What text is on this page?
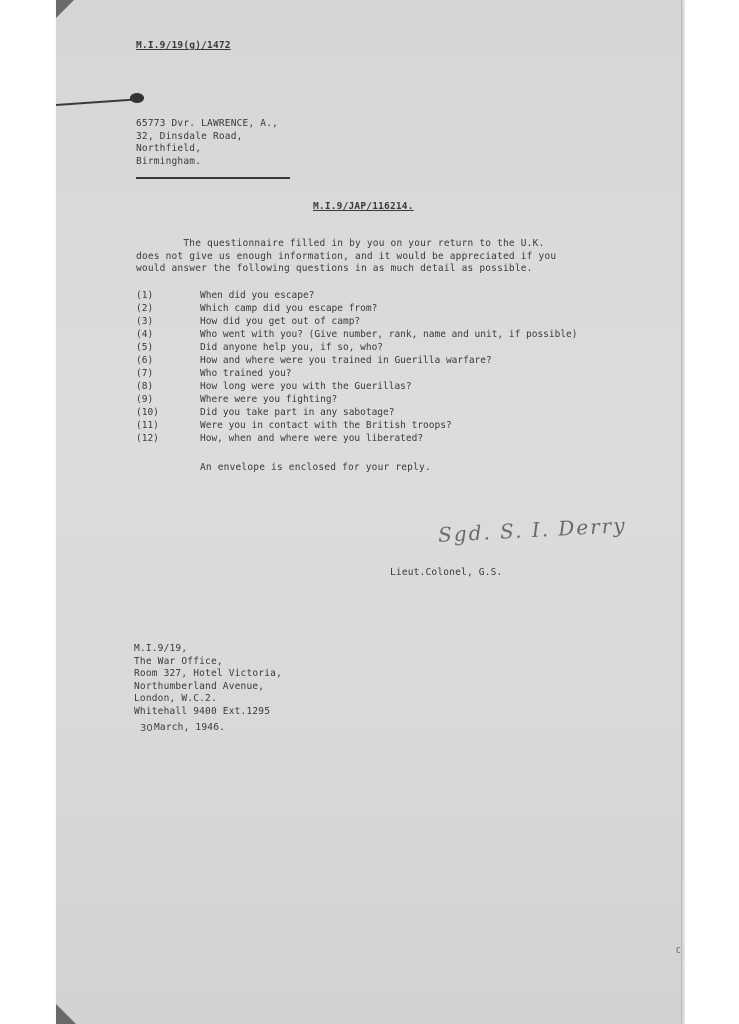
M.I.9/19(g)/1472
65773 Dvr. LAWRENCE, A.,
32, Dinsdale Road,
Northfield,
Birmingham.
M.I.9/JAP/116214.
The questionnaire filled in by you on your return to the U.K.
does not give us enough information, and it would be appreciated if you
would answer the following questions in as much detail as possible.
(1)	When did you escape?
(2)	Which camp did you escape from?
(3)	How did you get out of camp?
(4)	Who went with you? (Give number, rank, name and unit, if possible)
(5)	Did anyone help you, if so, who?
(6)	How and where were you trained in Guerilla warfare?
(7)	Who trained you?
(8)	How long were you with the Guerillas?
(9)	Where were you fighting?
(10)	Did you take part in any sabotage?
(11)	Were you in contact with the British troops?
(12)	How, when and where were you liberated?
An envelope is enclosed for your reply.
Sgd. S. I. Derry
Lieut.Colonel, G.S.
M.I.9/19,
The War Office,
Room 327, Hotel Victoria,
Northumberland Avenue,
London, W.C.2.
Whitehall 9400 Ext.1295
30 March, 1946.
C
